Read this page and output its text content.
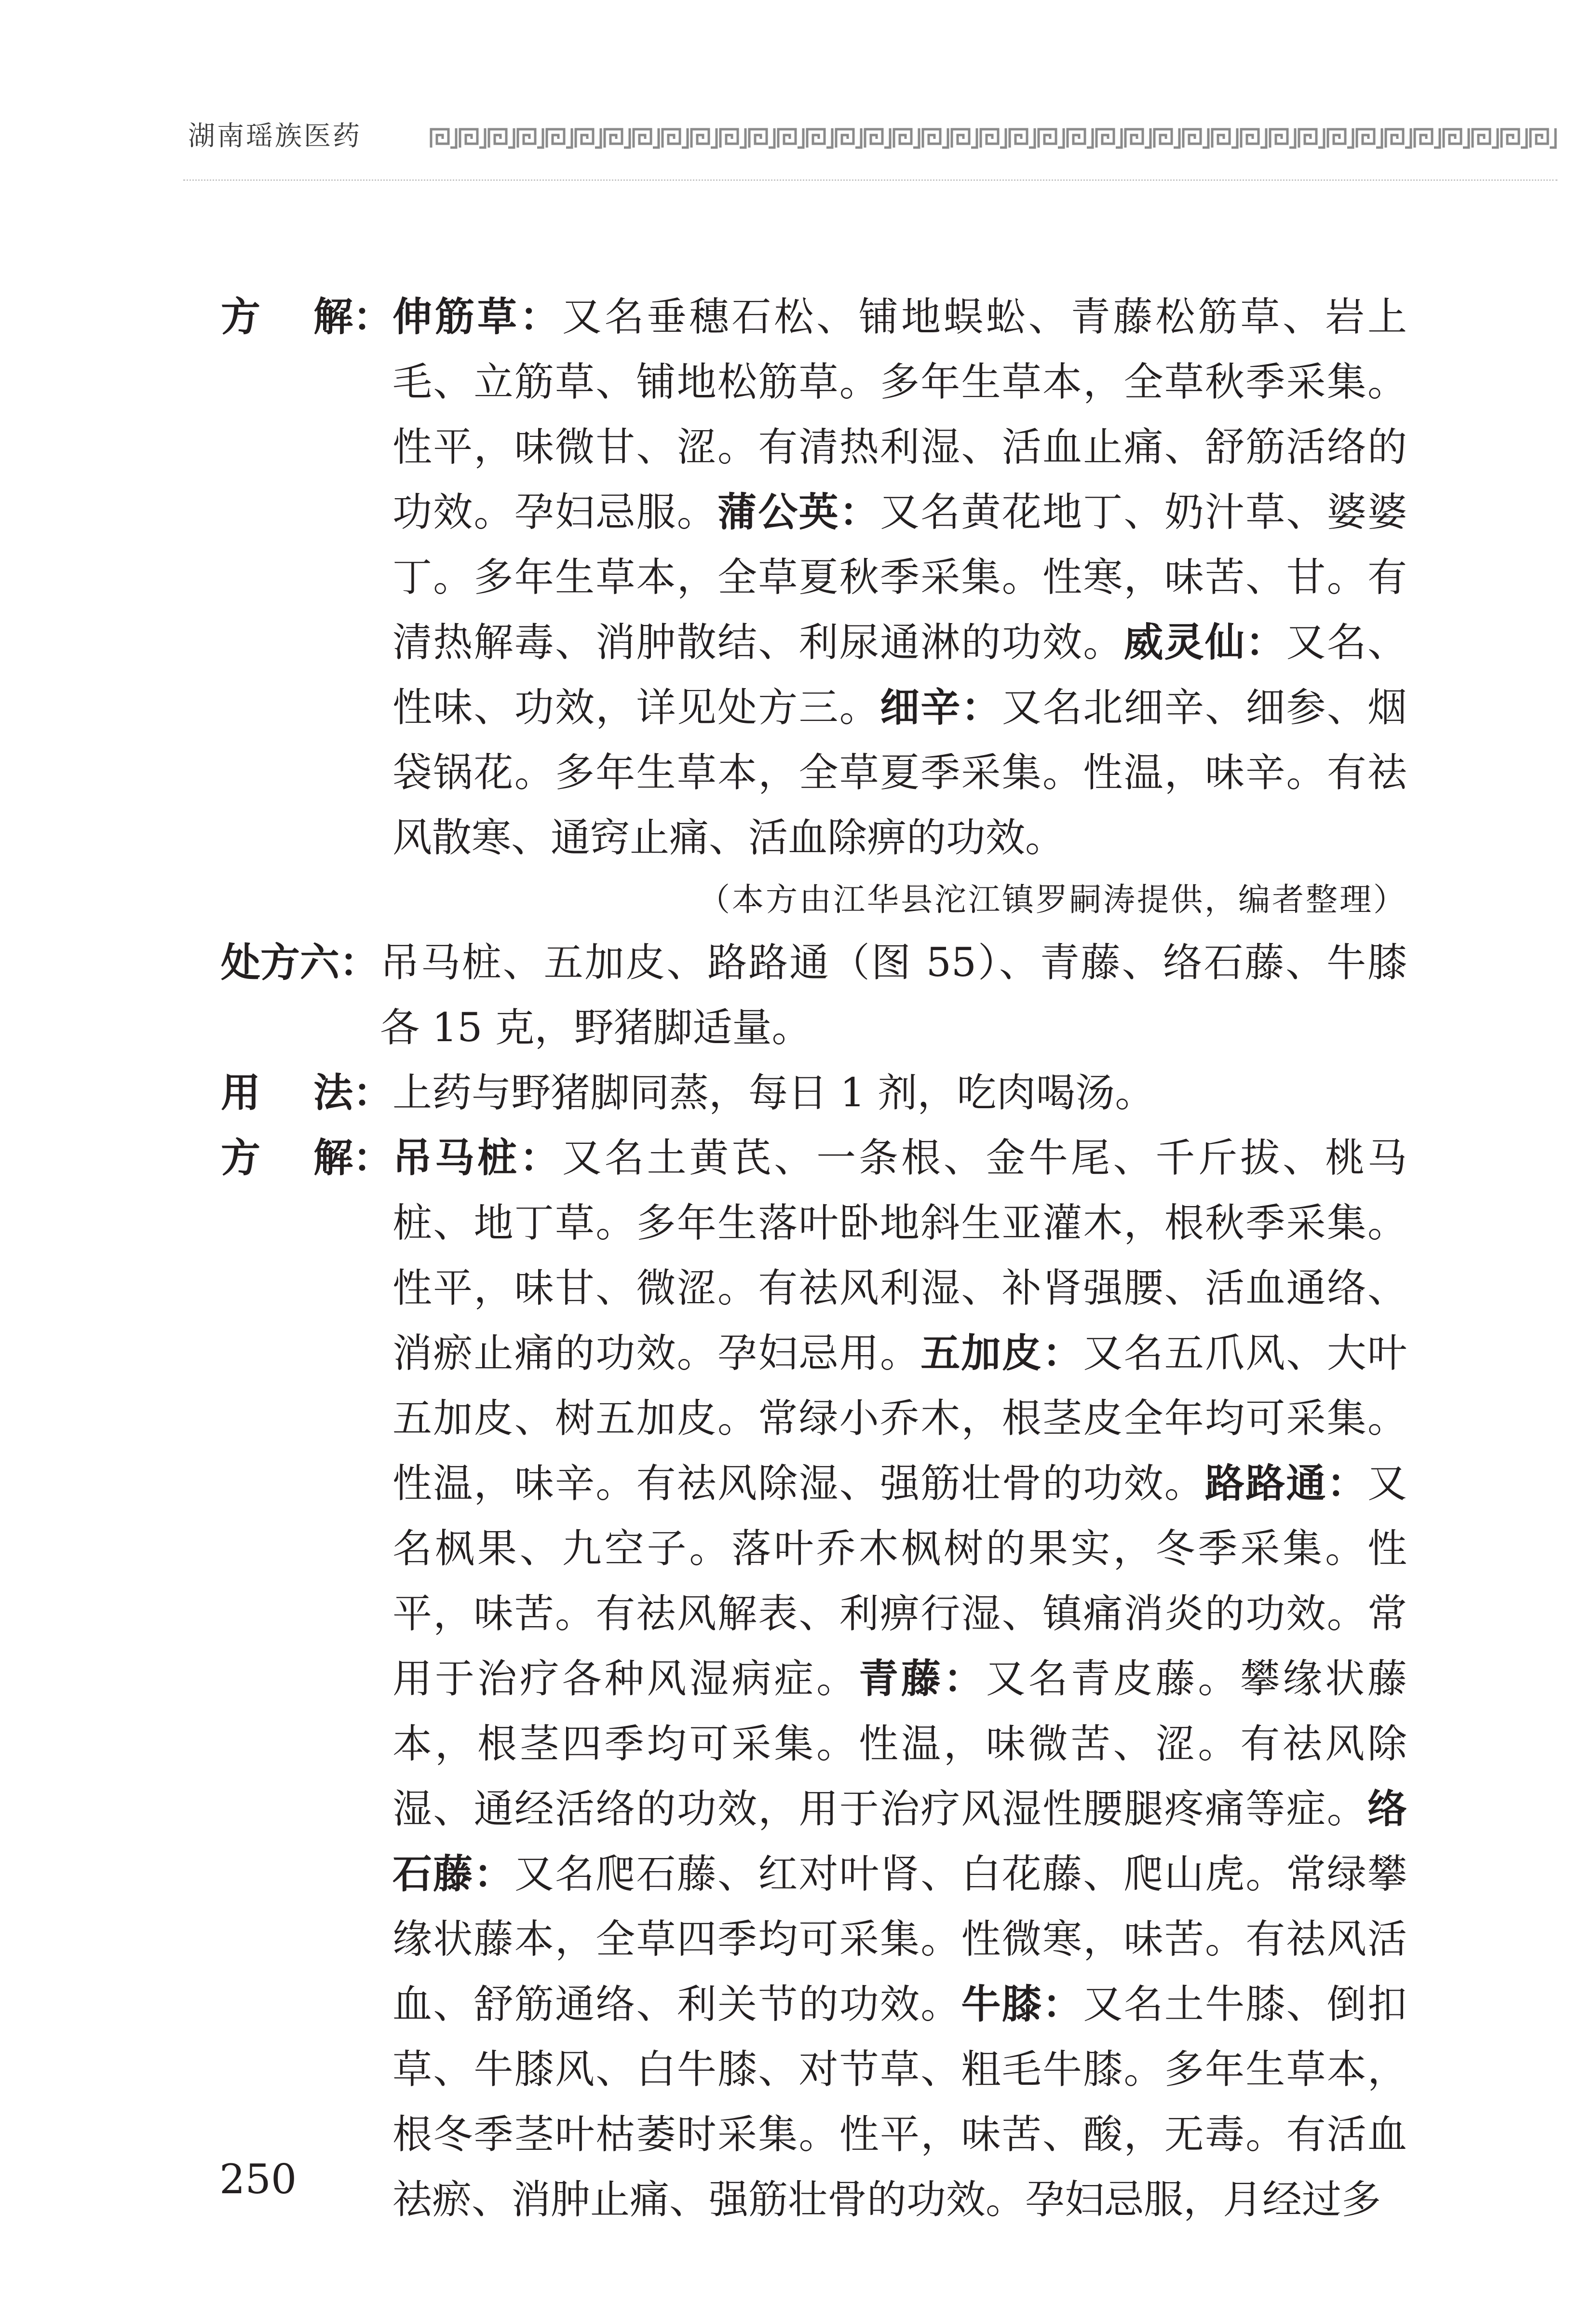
湖南瑶族医药
方 解： 伸筋草：又名垂穗石松、铺地蜈蚣、青藤松筋草、岩上毛、立筋草、铺地松筋草。多年生草本，全草秋季采集。性平，味微甘、涩。有清热利湿、活血止痛、舒筋活络的功效。孕妇忌服。蒲公英：又名黄花地丁、奶汁草、婆婆丁。多年生草本，全草夏秋季采集。性寒，味苦、甘。有清热解毒、消肿散结、利尿通淋的功效。威灵仙：又名、性味、功效，详见处方三。细辛：又名北细辛、细参、烟袋锅花。多年生草本，全草夏季采集。性温，味辛。有祛风散寒、通窍止痛、活血除痹的功效。
（本方由江华县沱江镇罗嗣涛提供，编者整理）
处方六： 吊马桩、五加皮、路路通（图 55）、青藤、络石藤、牛膝各 15 克，野猪脚适量。
用 法： 上药与野猪脚同蒸，每日 1 剂，吃肉喝汤。
方 解： 吊马桩：又名土黄芪、一条根、金牛尾、千斤拔、桃马桩、地丁草。多年生落叶卧地斜生亚灌木，根秋季采集。性平，味甘、微涩。有祛风利湿、补肾强腰、活血通络、消瘀止痛的功效。孕妇忌用。五加皮：又名五爪风、大叶五加皮、树五加皮。常绿小乔木，根茎皮全年均可采集。性温，味辛。有祛风除湿、强筋壮骨的功效。路路通：又名枫果、九空子。落叶乔木枫树的果实，冬季采集。性平，味苦。有祛风解表、利痹行湿、镇痛消炎的功效。常用于治疗各种风湿病症。青藤：又名青皮藤。攀缘状藤本，根茎四季均可采集。性温，味微苦、涩。有祛风除湿、通经活络的功效，用于治疗风湿性腰腿疼痛等症。络石藤：又名爬石藤、红对叶肾、白花藤、爬山虎。常绿攀缘状藤本，全草四季均可采集。性微寒，味苦。有祛风活血、舒筋通络、利关节的功效。牛膝：又名土牛膝、倒扣草、牛膝风、白牛膝、对节草、粗毛牛膝。多年生草本，根冬季茎叶枯萎时采集。性平，味苦、酸，无毒。有活血祛瘀、消肿止痛、强筋壮骨的功效。孕妇忌服，月经过多
250
